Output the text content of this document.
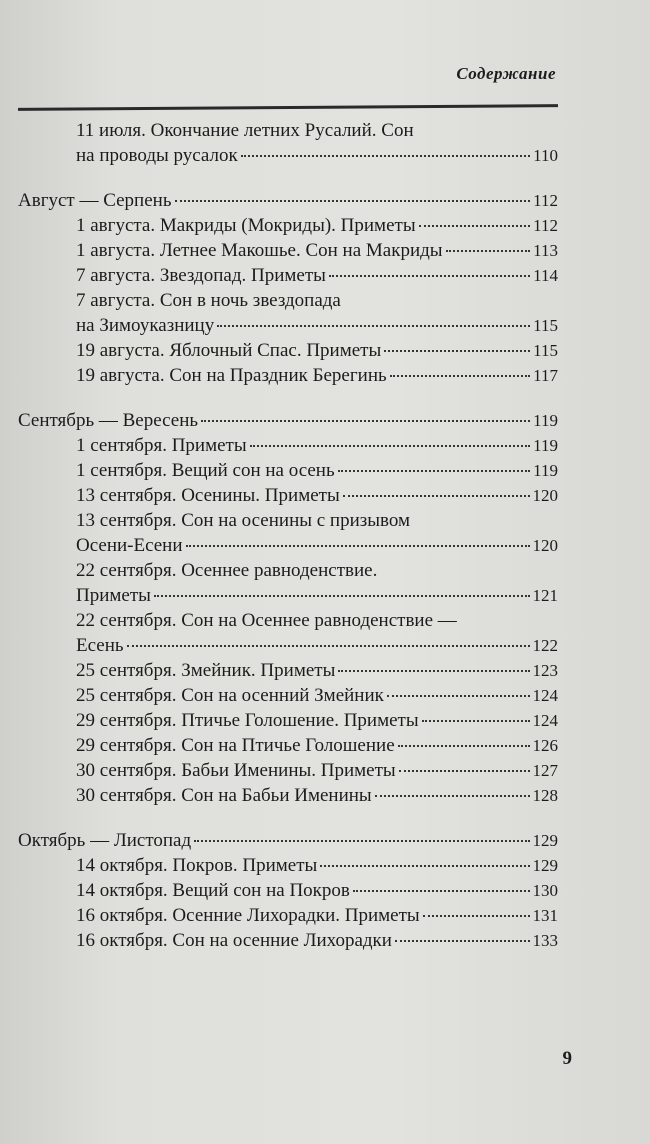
Содержание
11 июля. Окончание летних Русалий. Сон
на проводы русалок	110
Август — Серпень	112
1 августа. Макриды (Мокриды). Приметы	112
1 августа. Летнее Макошье. Сон на Макриды	113
7 августа. Звездопад. Приметы	114
7 августа. Сон в ночь звездопада
на Зимоуказницу	115
19 августа. Яблочный Спас. Приметы	115
19 августа. Сон на Праздник Берегинь	117
Сентябрь — Вересень	119
1 сентября. Приметы	119
1 сентября. Вещий сон на осень	119
13 сентября. Осенины. Приметы	120
13 сентября. Сон на осенины с призывом
Осени-Есени	120
22 сентября. Осеннее равноденствие.
Приметы	121
22 сентября. Сон на Осеннее равноденствие —
Есень	122
25 сентября. Змейник. Приметы	123
25 сентября. Сон на осенний Змейник	124
29 сентября. Птичье Голошение. Приметы	124
29 сентября. Сон на Птичье Голошение	126
30 сентября. Бабьи Именины. Приметы	127
30 сентября. Сон на Бабьи Именины	128
Октябрь — Листопад	129
14 октября. Покров. Приметы	129
14 октября. Вещий сон на Покров	130
16 октября. Осенние Лихорадки. Приметы	131
16 октября. Сон на осенние Лихорадки	133
9
